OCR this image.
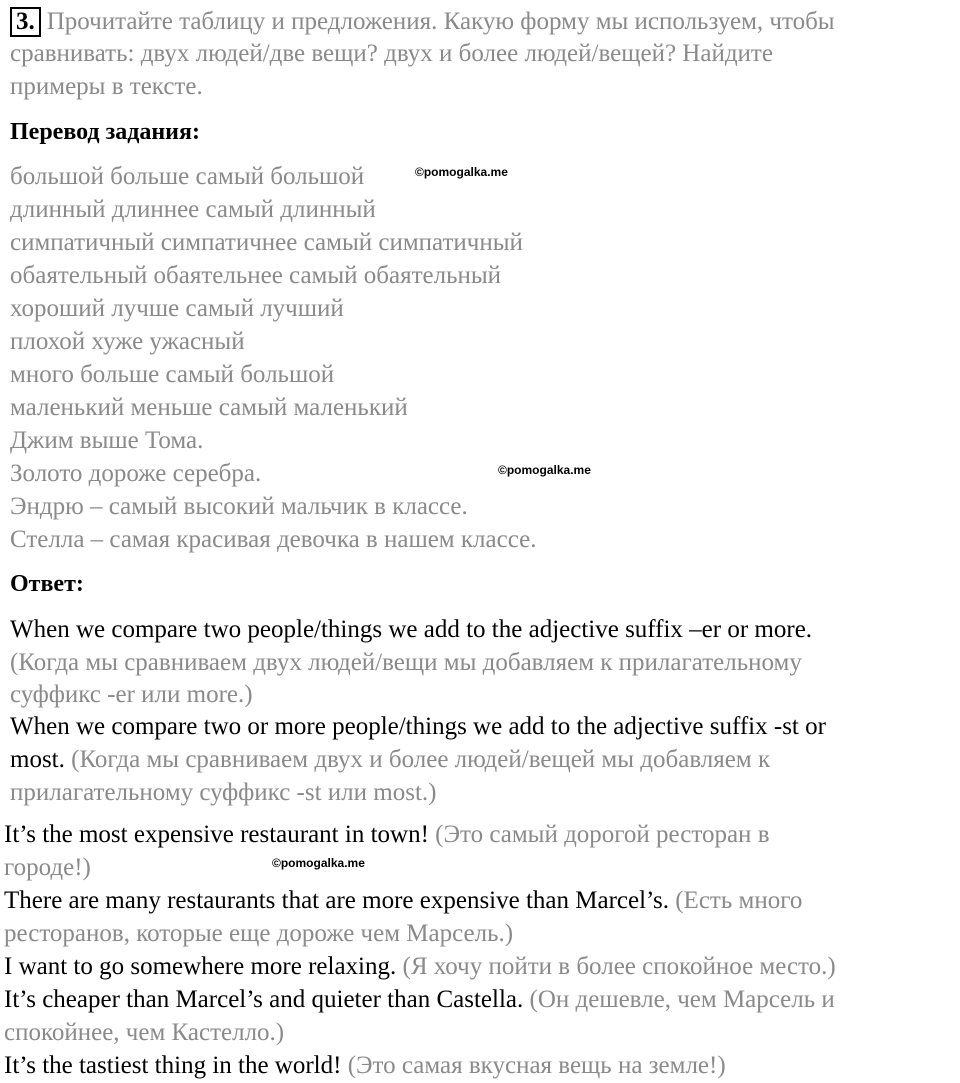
3. Прочитайте таблицу и предложения. Какую форму мы используем, чтобы
сравнивать: двух людей/две вещи? двух и более людей/вещей? Найдите
примеры в тексте.
Перевод задания:
большой больше самый большой
длинный длиннее самый длинный
симпатичный симпатичнее самый симпатичный
обаятельный обаятельнее самый обаятельный
хороший лучше самый лучший
плохой хуже ужасный
много больше самый большой
маленький меньше самый маленький
Джим выше Тома.
Золото дороже серебра.
Эндрю – самый высокий мальчик в классе.
Стелла – самая красивая девочка в нашем классе.
Ответ:
When we compare two people/things we add to the adjective suffix –er or more.
(Когда мы сравниваем двух людей/вещи мы добавляем к прилагательному
суффикс -er или more.)
When we compare two or more people/things we add to the adjective suffix -st or
most. (Когда мы сравниваем двух и более людей/вещей мы добавляем к
прилагательному суффикс -st или most.)
It’s the most expensive restaurant in town! (Это самый дорогой ресторан в
городе!)
There are many restaurants that are more expensive than Marcel’s. (Есть много
ресторанов, которые еще дороже чем Марсель.)
I want to go somewhere more relaxing. (Я хочу пойти в более спокойное место.)
It’s cheaper than Marcel’s and quieter than Castella. (Он дешевле, чем Марсель и
спокойнее, чем Кастелло.)
It’s the tastiest thing in the world! (Это самая вкусная вещь на земле!)
©pomogalka.me
©pomogalka.me
©pomogalka.me
